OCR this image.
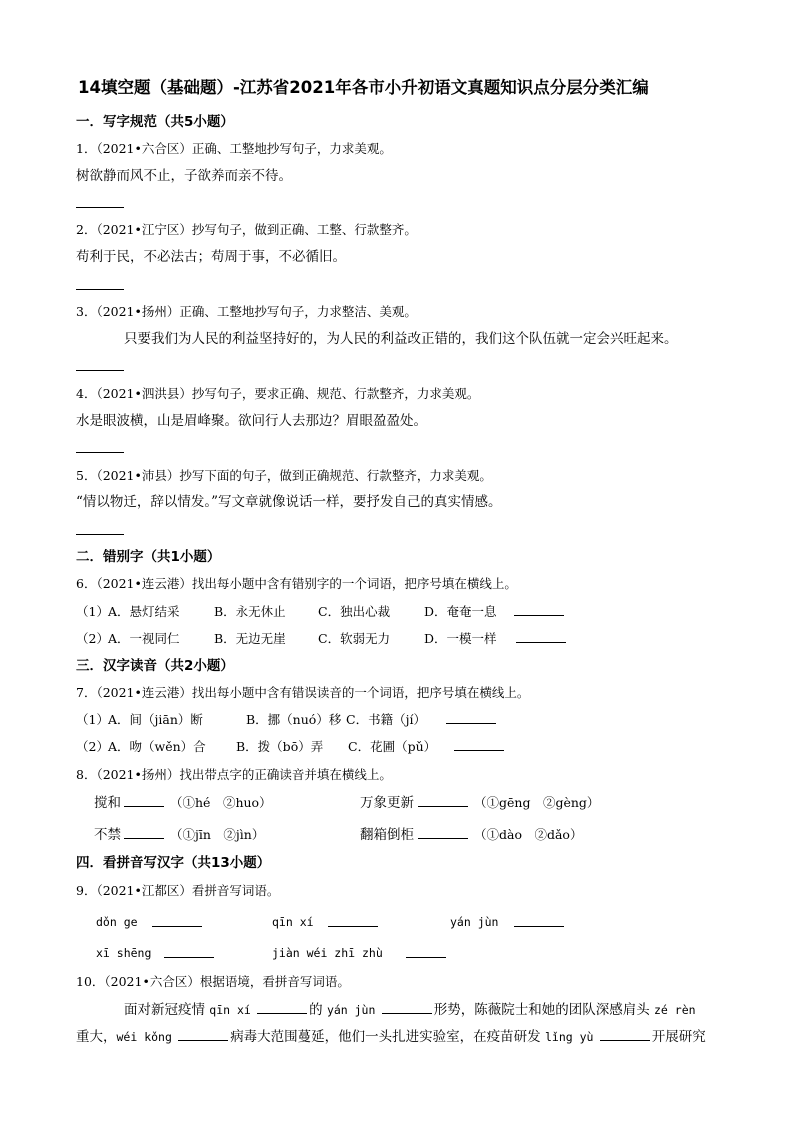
14填空题（基础题）-江苏省2021年各市小升初语文真题知识点分层分类汇编
一．写字规范（共5小题）
1．（2021•六合区）正确、工整地抄写句子，力求美观。
树欲静而风不止，子欲养而亲不待。
2．（2021•江宁区）抄写句子，做到正确、工整、行款整齐。
苟利于民，不必法古；苟周于事，不必循旧。
3．（2021•扬州）正确、工整地抄写句子，力求整洁、美观。
只要我们为人民的利益坚持好的，为人民的利益改正错的，我们这个队伍就一定会兴旺起来。
4．（2021•泗洪县）抄写句子，要求正确、规范、行款整齐，力求美观。
水是眼波横，山是眉峰聚。欲问行人去那边？眉眼盈盈处。
5．（2021•沛县）抄写下面的句子，做到正确规范、行款整齐，力求美观。
“情以物迁，辞以情发。”写文章就像说话一样，要抒发自己的真实情感。
二．错别字（共1小题）
6．（2021•连云港）找出每小题中含有错别字的一个词语，把序号填在横线上。
（1） A．悬灯结采	B．永无休止	C．独出心裁	D．奄奄一息
（2） A．一视同仁	B．无边无崖	C．软弱无力	D．一模一样
三．汉字读音（共2小题）
7．（2021•连云港）找出每小题中含有错误读音的一个词语，把序号填在横线上。
（1） A．间（jiān）断	B．挪（nuó）移 C．书籍（jí）
（2） A．吻（wěn）合 B．拨（bō）弄 C．花圃（pǔ）
8．（2021•扬州）找出带点字的正确读音并填在横线上。
搅和	（①hé　②huo）	万象更新	（①gēng　②gèng）
不禁	（①jīn　②jìn）	翻箱倒柜	（①dào　②dǎo）
四．看拼音写汉字（共13小题）
9．（2021•江都区）看拼音写词语。
dǒn ge	qīn xí	yán jùn
xī shēng	jiàn wéi zhī zhù
10．（2021•六合区）根据语境，看拼音写词语。
面对新冠疫情 qīn xí	的 yán jùn	形势，陈薇院士和她的团队深感肩头 zé rèn
重大，wéi kǒng	病毒大范围蔓延，他们一头扎进实验室，在疫苗研发 lǐng yù	开展研究
